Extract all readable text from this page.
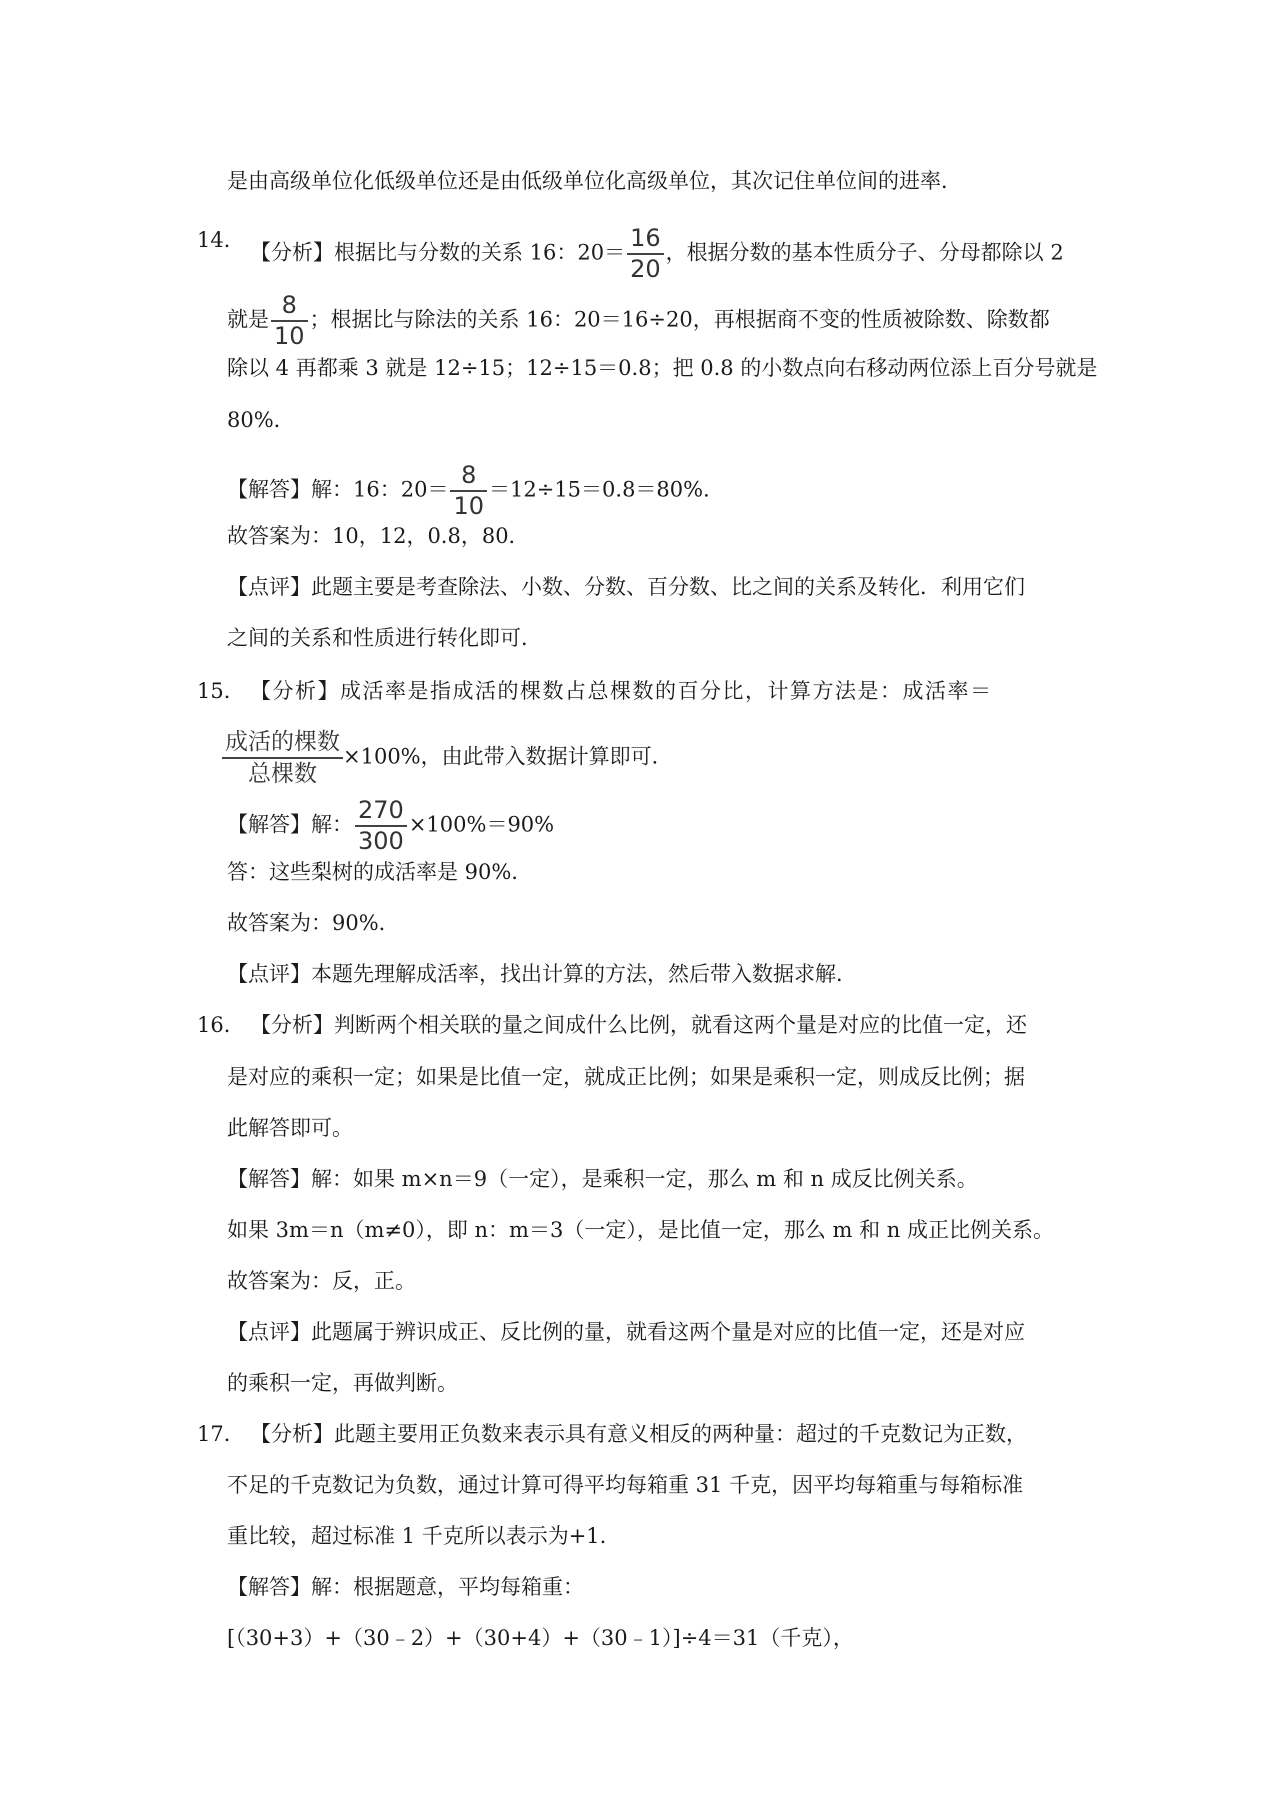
是由高级单位化低级单位还是由低级单位化高级单位，其次记住单位间的进率．
14．
【分析】根据比与分数的关系 16：$20= \frac{16}{20}$ ，根据分数的基本性质分子、分母都除以 2
就是 $\frac{8}{10}$ ；根据比与除法的关系 16：20＝16÷20，再根据商不变的性质被除数、除数都
除以 4 再都乘 3 就是 12÷15；12÷15＝0.8；把 0.8 的小数点向右移动两位添上百分号就是
80%．
【解答】解：16：$20= \frac{8}{10} =12\div 15=0.8=80\%$．
故答案为：10，12，0.8，80．
【点评】此题主要是考查除法、小数、分数、百分数、比之间的关系及转化．利用它们
之间的关系和性质进行转化即可．
15． 【分析】成活率是指成活的棵数占总棵数的百分比，计算方法是：成活率＝
$\frac{\text{成活的棵数}}{\text{总棵数}} \times 100\%$，由此带入数据计算即可．
【解答】解： $\frac{270}{300} \times 100\%=90\%$
答：这些梨树的成活率是 90%．
故答案为：90%．
【点评】本题先理解成活率，找出计算的方法，然后带入数据求解．
16． 【分析】判断两个相关联的量之间成什么比例，就看这两个量是对应的比值一定，还
是对应的乘积一定；如果是比值一定，就成正比例；如果是乘积一定，则成反比例；据
此解答即可。
【解答】解：如果 m×n＝9（一定），是乘积一定，那么 m 和 n 成反比例关系。
如果 3m＝n（m≠0），即 n：m＝3（一定），是比值一定，那么 m 和 n 成正比例关系。
故答案为：反，正。
【点评】此题属于辨识成正、反比例的量，就看这两个量是对应的比值一定，还是对应
的乘积一定，再做判断。
17． 【分析】此题主要用正负数来表示具有意义相反的两种量：超过的千克数记为正数，
不足的千克数记为负数，通过计算可得平均每箱重 31 千克，因平均每箱重与每箱标准
重比较，超过标准 1 千克所以表示为+1.
【解答】解：根据题意，平均每箱重：
[（30+3）+（30﹣2）+（30+4）+（30﹣1）]÷4＝31（千克），
